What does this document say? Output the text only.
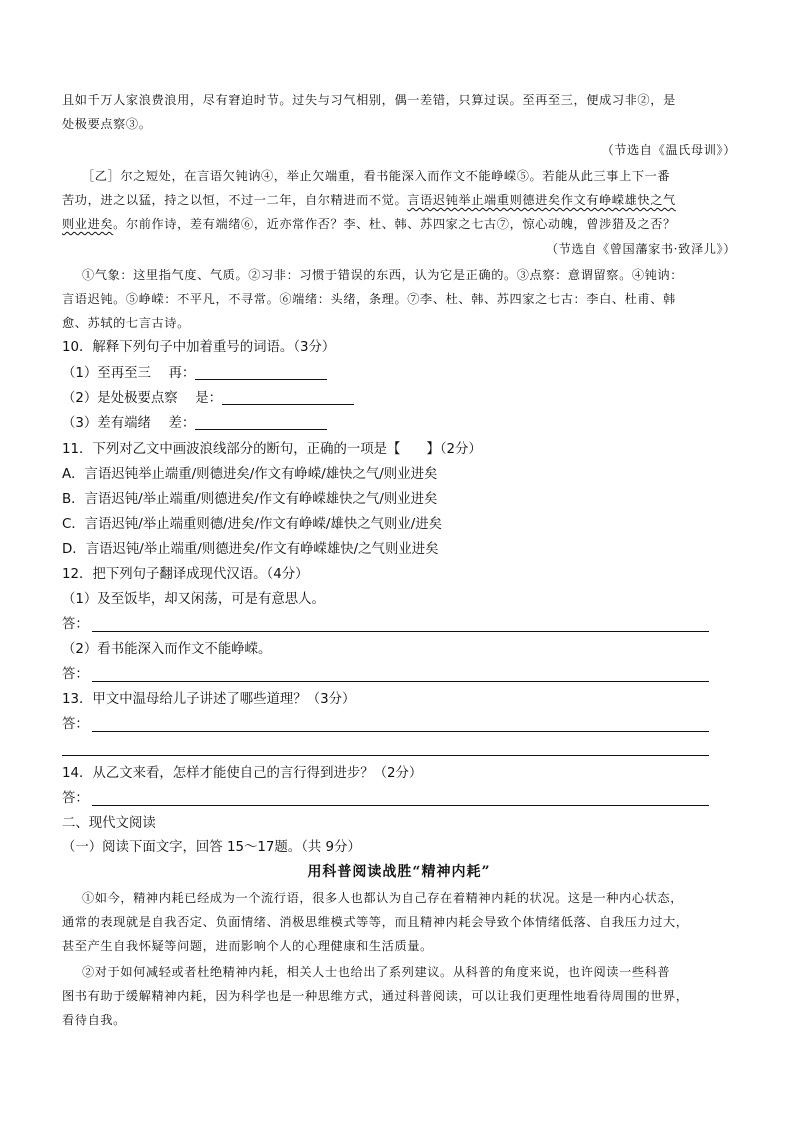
且如千万人家浪费浪用，尽有窘迫时节。过失与习气相别，偶一差错，只算过误。至再至三，便成习非②，是
处极要点察③。
（节选自《温氏母训》）
［乙］尔之短处，在言语欠钝讷④，举止欠端重，看书能深入而作文不能峥嵘⑤。若能从此三事上下一番
苦功，进之以猛，持之以恒，不过一二年，自尔精进而不觉。言语迟钝举止端重则德进矣作文有峥嵘雄快之气
则业进矣。尔前作诗，差有端绪⑥，近亦常作否？李、杜、韩、苏四家之七古⑦，惊心动魄，曾涉猎及之否？
（节选自《曾国藩家书·致泽儿》）
①气象：这里指气度、气质。②习非：习惯于错误的东西，认为它是正确的。③点察：意谓留察。④钝讷：
言语迟钝。⑤峥嵘：不平凡，不寻常。⑥端绪：头绪，条理。⑦李、杜、韩、苏四家之七古：李白、杜甫、韩
愈、苏轼的七言古诗。
10．解释下列句子中加着重号的词语。（3分）
（1）至再至三　 再：
（2）是处极要点察　 是：
（3）差有端绪　 差：
11．下列对乙文中画波浪线部分的断句，正确的一项是【 】（2分）
A．言语迟钝举止端重/则德进矣/作文有峥嵘/雄快之气/则业进矣
B．言语迟钝/举止端重/则德进矣/作文有峥嵘雄快之气/则业进矣
C．言语迟钝/举止端重则德/进矣/作文有峥嵘/雄快之气则业/进矣
D．言语迟钝/举止端重/则德进矣/作文有峥嵘雄快/之气则业进矣
12．把下列句子翻译成现代汉语。（4分）
（1）及至饭毕，却又闲荡，可是有意思人。
答：
（2）看书能深入而作文不能峥嵘。
答：
13．甲文中温母给儿子讲述了哪些道理？（3分）
答：
14．从乙文来看，怎样才能使自己的言行得到进步？（2分）
答：
二、现代文阅读
（一）阅读下面文字，回答 15～17题。（共 9分）
用科普阅读战胜“精神内耗”
①如今，精神内耗已经成为一个流行语，很多人也都认为自己存在着精神内耗的状况。这是一种内心状态，
通常的表现就是自我否定、负面情绪、消极思维模式等等，而且精神内耗会导致个体情绪低落、自我压力过大，
甚至产生自我怀疑等问题，进而影响个人的心理健康和生活质量。
②对于如何减轻或者杜绝精神内耗，相关人士也给出了系列建议。从科普的角度来说，也许阅读一些科普
图书有助于缓解精神内耗，因为科学也是一种思维方式，通过科普阅读，可以让我们更理性地看待周围的世界，
看待自我。
